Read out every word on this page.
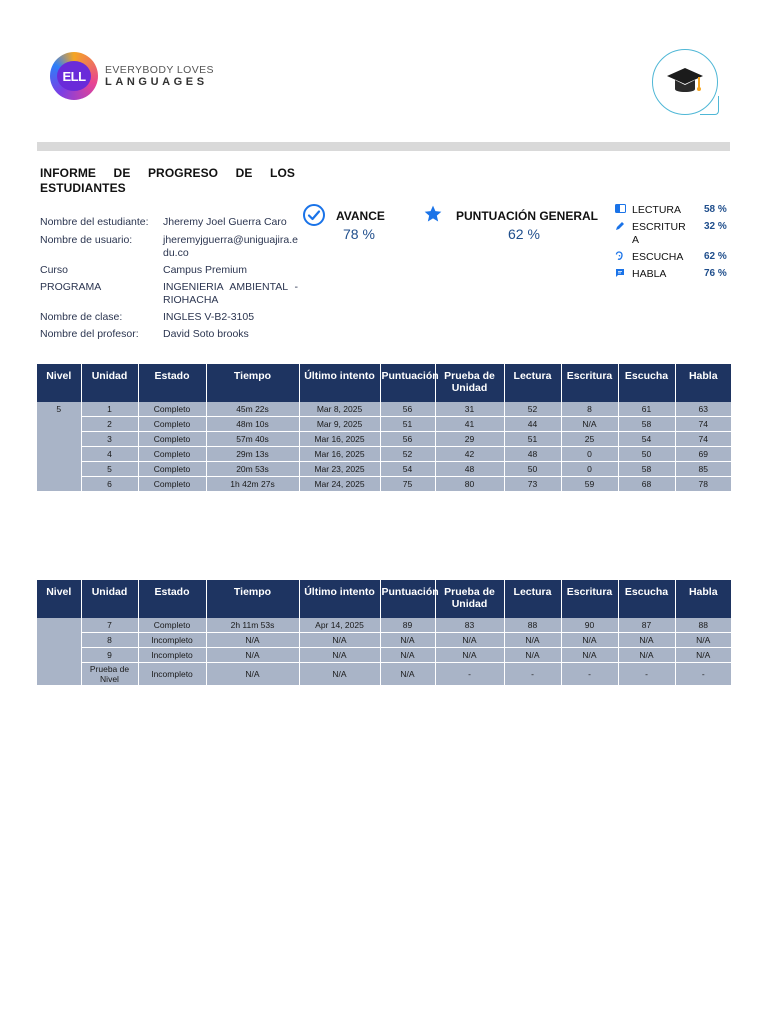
ELL	EVERYBODY LOVES
LANGUAGES
INFORME DE PROGRESO DE LOS ESTUDIANTES
Nombre del estudiante: Jheremy Joel Guerra Caro
Nombre de usuario:	jheremyjguerra@uniguajira.edu.co
Curso	Campus Premium
PROGRAMA	INGENIERIA AMBIENTAL - RIOHACHA
Nombre de clase:	INGLES V-B2-3105
Nombre del profesor: David Soto brooks
AVANCE
78 %
PUNTUACIÓN GENERAL
62 %
LECTURA	58 %
ESCRITURA
32 %
ESCUCHA	62 %
HABLA	76 %
Nivel	Unidad	Estado	Tiempo	Último intento	Puntuación	Prueba de Unidad	Lectura	Escritura	Escucha	Habla
5	1	Completo	45m 22s	Mar 8, 2025	56	31	52	8	61	63
	2	Completo	48m 10s	Mar 9, 2025	51	41	44	N/A	58	74
	3	Completo	57m 40s	Mar 16, 2025	56	29	51	25	54	74
	4	Completo	29m 13s	Mar 16, 2025	52	42	48	0	50	69
	5	Completo	20m 53s	Mar 23, 2025	54	48	50	0	58	85
	6	Completo	1h 42m 27s	Mar 24, 2025	75	80	73	59	68	78
Nivel	Unidad	Estado	Tiempo	Último intento	Puntuación	Prueba de Unidad	Lectura	Escritura	Escucha	Habla
	7	Completo	2h 11m 53s	Apr 14, 2025	89	83	88	90	87	88
	8	Incompleto	N/A	N/A	N/A	N/A	N/A	N/A	N/A	N/A
	9	Incompleto	N/A	N/A	N/A	N/A	N/A	N/A	N/A	N/A
	Prueba de Nivel	Incompleto	N/A	N/A	N/A	-	-	-	-	-
